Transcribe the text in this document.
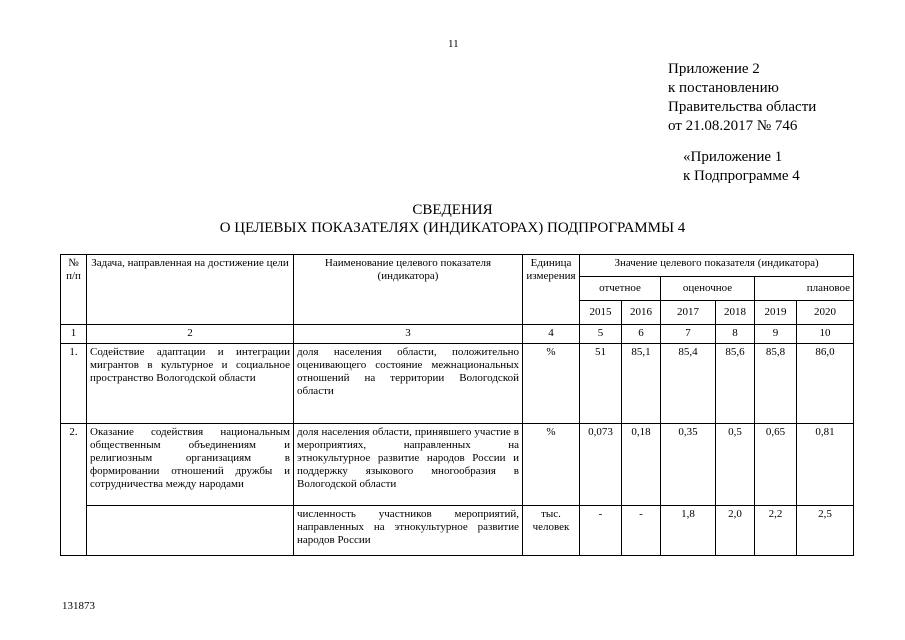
11
Приложение 2
к постановлению
Правительства области
от 21.08.2017 № 746
«Приложение 1
к Подпрограмме 4
СВЕДЕНИЯ
О ЦЕЛЕВЫХ ПОКАЗАТЕЛЯХ (ИНДИКАТОРАХ) ПОДПРОГРАММЫ 4
№ п/п	Задача, направленная на достижение цели	Наименование целевого показателя (индикатора)	Единица измерения	Значение целевого показателя (индикатора)					
				отчетное		оценочное		плановое	
				2015	2016	2017	2018	2019	2020
1	2	3	4	5	6	7	8	9	10
1.	Содействие адаптации и интеграции мигрантов в культурное и социальное пространство Вологодской области	доля населения области, положительно оценивающего состояние межнациональных отношений на территории Вологодской области	%	51	85,1	85,4	85,6	85,8	86,0
2.	Оказание содействия национальным общественным объединениям и религиозным организациям в формировании отношений дружбы и сотрудничества между народами	доля населения области, принявшего участие в мероприятиях, направленных на этнокультурное развитие народов России и поддержку языкового многообразия в Вологодской области	%	0,073	0,18	0,35	0,5	0,65	0,81
		численность участников мероприятий, направленных на этнокультурное развитие народов России	тыс. человек	-	-	1,8	2,0	2,2	2,5
131873
